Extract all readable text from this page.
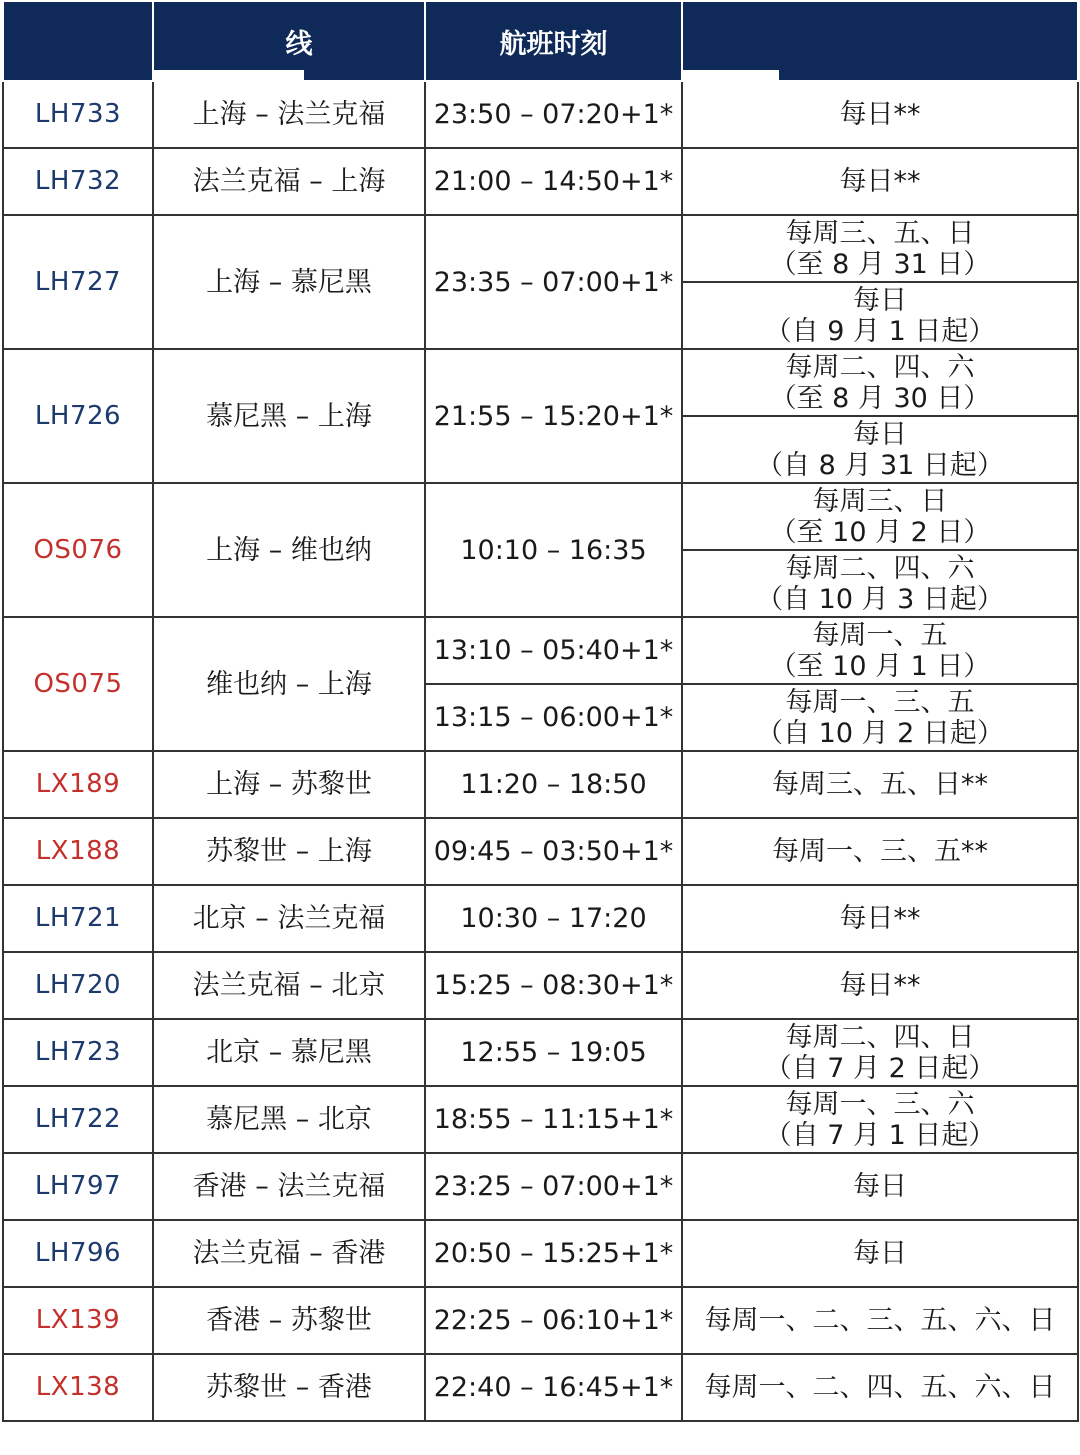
	线	航班时刻	

LH733	上海 – 法兰克福	23:50 – 07:20+1*	每日**

LH732	法兰克福 – 上海	21:00 – 14:50+1*	每日**

LH727	上海 – 慕尼黑	23:35 – 07:00+1*	每周三、五、日
（至 8 月 31 日）

			每日
（自 9 月 1 日起）

LH726	慕尼黑 – 上海	21:55 – 15:20+1*	每周二、四、六
（至 8 月 30 日）

			每日
（自 8 月 31 日起）

OS076	上海 – 维也纳	10:10 – 16:35	每周三、日
（至 10 月 2 日）

			每周二、四、六
（自 10 月 3 日起）

OS075	维也纳 – 上海	13:10 – 05:40+1*	每周一、五
（至 10 月 1 日）

		13:15 – 06:00+1*	每周一、三、五
（自 10 月 2 日起）

LX189	上海 – 苏黎世	11:20 – 18:50	每周三、五、日**

LX188	苏黎世 – 上海	09:45 – 03:50+1*	每周一、三、五**

LH721	北京 – 法兰克福	10:30 – 17:20	每日**

LH720	法兰克福 – 北京	15:25 – 08:30+1*	每日**

LH723	北京 – 慕尼黑	12:55 – 19:05	每周二、四、日
（自 7 月 2 日起）

LH722	慕尼黑 – 北京	18:55 – 11:15+1*	每周一、三、六
（自 7 月 1 日起）

LH797	香港 – 法兰克福	23:25 – 07:00+1*	每日

LH796	法兰克福 – 香港	20:50 – 15:25+1*	每日

LX139	香港 – 苏黎世	22:25 – 06:10+1*	每周一、二、三、五、六、日

LX138	苏黎世 – 香港	22:40 – 16:45+1*	每周一、二、四、五、六、日
